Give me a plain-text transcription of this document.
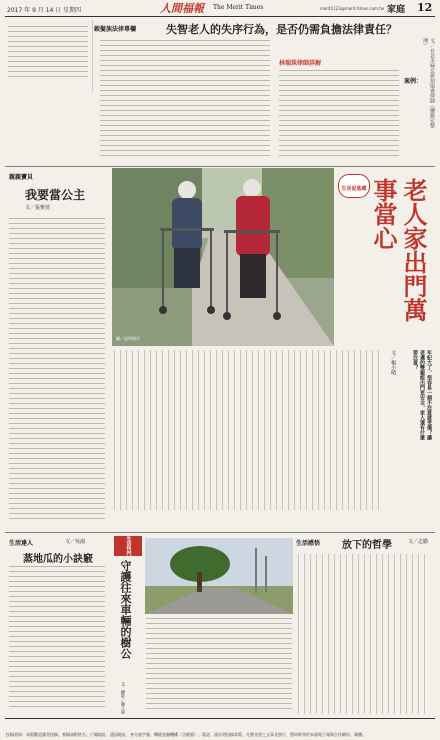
2017 年 9 月 14 日 星期四	人間福報 The Merit Times	merit1123@merit-times.com.tw 家庭 12
銀髮族法律專欄	失智老人的失序行為，是否仍需負擔法律責任？
案例：
林瑞珠律師詳解	文／台北市婦女新知協會律師（樓勝宏整理）
親親寶貝
我要當公主
文／張惟萱
圖／達利照片
生活促進藏	老人家出門萬事當心
年紀大了，很容易一個不注意就受傷？讓老邁的雙親能出門更安全，家人還有什麼要注意？
文／楊小晴
生活達人	文／吳鴻
蒸地瓜的小訣竅
生活快門
守護往來車輛的樹公
文‧攝影／陳立瑋
生活感悟 放下的哲學	文／志勤
投稿須知：本版歡迎讀者投稿，來稿請附姓名、戶籍地址、通訊地址、身分證字號、轉帳金融機構（含帳號）、電話，請註明投稿本版，凡獲刊登之文章及照片，將同時刊於本報電子報與合作網站、媒體。
